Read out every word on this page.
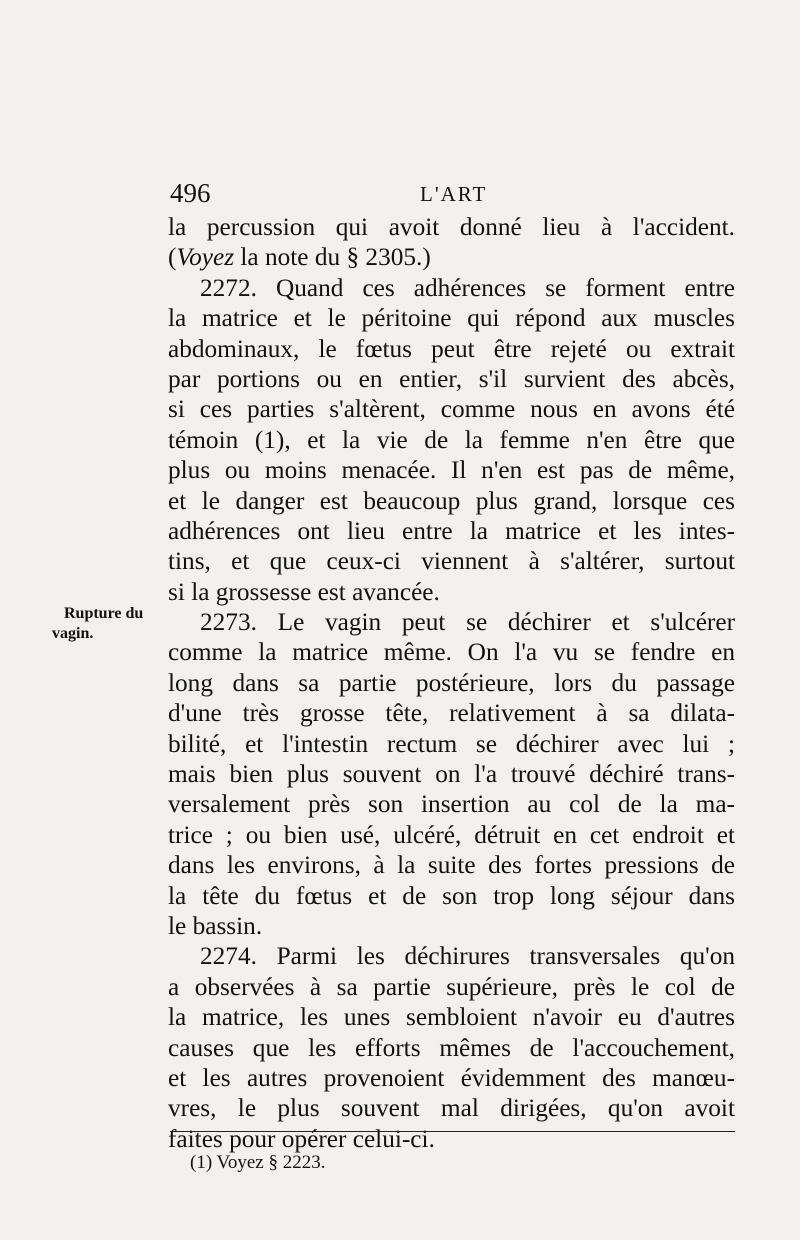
496	L'ART
Rupture du
vagin.
la percussion qui avoit donné lieu à l'accident.
(Voyez la note du § 2305.)
2272. Quand ces adhérences se forment entre
la matrice et le péritoine qui répond aux muscles
abdominaux, le fœtus peut être rejeté ou extrait
par portions ou en entier, s'il survient des abcès,
si ces parties s'altèrent, comme nous en avons été
témoin (1), et la vie de la femme n'en être que
plus ou moins menacée. Il n'en est pas de même,
et le danger est beaucoup plus grand, lorsque ces
adhérences ont lieu entre la matrice et les intes-
tins, et que ceux-ci viennent à s'altérer, surtout
si la grossesse est avancée.
2273. Le vagin peut se déchirer et s'ulcérer
comme la matrice même. On l'a vu se fendre en
long dans sa partie postérieure, lors du passage
d'une très grosse tête, relativement à sa dilata-
bilité, et l'intestin rectum se déchirer avec lui ;
mais bien plus souvent on l'a trouvé déchiré trans-
versalement près son insertion au col de la ma-
trice ; ou bien usé, ulcéré, détruit en cet endroit et
dans les environs, à la suite des fortes pressions de
la tête du fœtus et de son trop long séjour dans
le bassin.
2274. Parmi les déchirures transversales qu'on
a observées à sa partie supérieure, près le col de
la matrice, les unes sembloient n'avoir eu d'autres
causes que les efforts mêmes de l'accouchement,
et les autres provenoient évidemment des manœu-
vres, le plus souvent mal dirigées, qu'on avoit
faites pour opérer celui-ci.
(1) Voyez § 2223.
